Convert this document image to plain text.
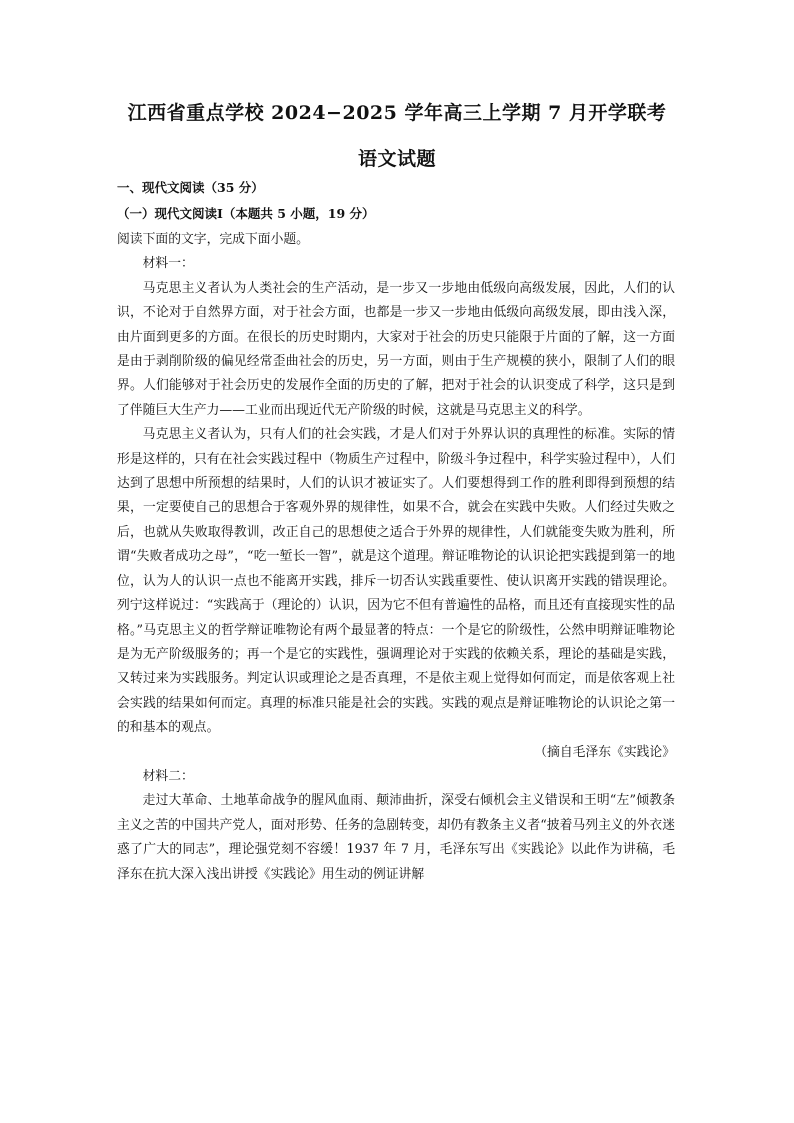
江西省重点学校 2024−2025 学年高三上学期 7 月开学联考
语文试题
一、现代文阅读（35 分）
（一）现代文阅读Ⅰ（本题共 5 小题，19 分）

阅读下面的文字，完成下面小题。

材料一：

马克思主义者认为人类社会的生产活动，是一步又一步地由低级向高级发展，因此，人们的认识，不论对于自然界方面，对于社会方面，也都是一步又一步地由低级向高级发展，即由浅入深，由片面到更多的方面。在很长的历史时期内，大家对于社会的历史只能限于片面的了解，这一方面是由于剥削阶级的偏见经常歪曲社会的历史，另一方面，则由于生产规模的狭小，限制了人们的眼界。人们能够对于社会历史的发展作全面的历史的了解，把对于社会的认识变成了科学，这只是到了伴随巨大生产力——工业而出现近代无产阶级的时候，这就是马克思主义的科学。

马克思主义者认为，只有人们的社会实践，才是人们对于外界认识的真理性的标准。实际的情形是这样的，只有在社会实践过程中（物质生产过程中，阶级斗争过程中，科学实验过程中），人们达到了思想中所预想的结果时，人们的认识才被证实了。人们要想得到工作的胜利即得到预想的结果，一定要使自己的思想合于客观外界的规律性，如果不合，就会在实践中失败。人们经过失败之后，也就从失败取得教训，改正自己的思想使之适合于外界的规律性，人们就能变失败为胜利，所谓“失败者成功之母”，“吃一堑长一智”，就是这个道理。辩证唯物论的认识论把实践提到第一的地位，认为人的认识一点也不能离开实践，排斥一切否认实践重要性、使认识离开实践的错误理论。列宁这样说过：“实践高于（理论的）认识，因为它不但有普遍性的品格，而且还有直接现实性的品格。”马克思主义的哲学辩证唯物论有两个最显著的特点：一个是它的阶级性，公然申明辩证唯物论是为无产阶级服务的；再一个是它的实践性，强调理论对于实践的依赖关系，理论的基础是实践，又转过来为实践服务。判定认识或理论之是否真理，不是依主观上觉得如何而定，而是依客观上社会实践的结果如何而定。真理的标准只能是社会的实践。实践的观点是辩证唯物论的认识论之第一的和基本的观点。

（摘自毛泽东《实践论》

材料二：

走过大革命、土地革命战争的腥风血雨、颠沛曲折，深受右倾机会主义错误和王明“左”倾教条主义之苦的中国共产党人，面对形势、任务的急剧转变，却仍有教条主义者“披着马列主义的外衣迷惑了广大的同志”，理论强党刻不容缓！1937 年 7 月，毛泽东写出《实践论》以此作为讲稿，毛泽东在抗大深入浅出讲授《实践论》用生动的例证讲解
